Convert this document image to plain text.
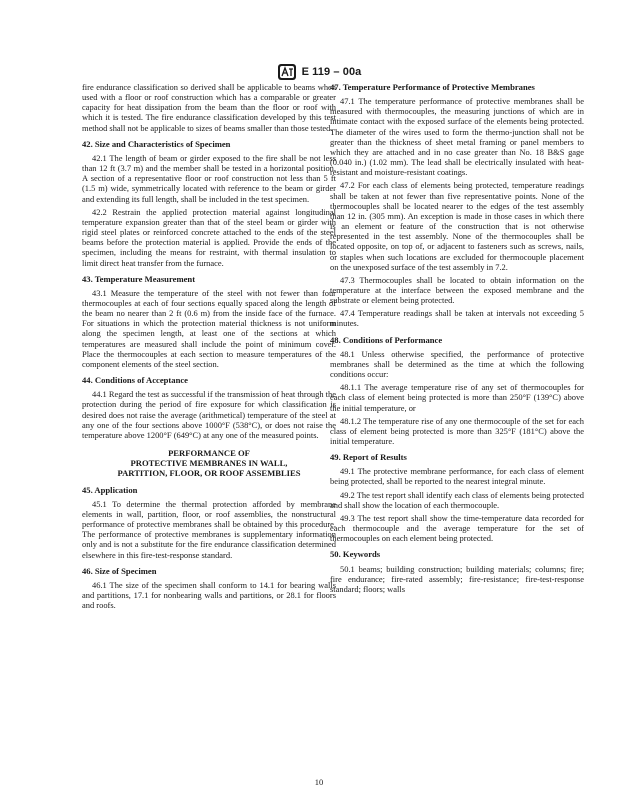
E 119 – 00a

fire endurance classification so derived shall be applicable to beams when used with a floor or roof construction which has a comparable or greater capacity for heat dissipation from the beam than the floor or roof with which it is tested. The fire endurance classification developed by this test method shall not be applicable to sizes of beams smaller than those tested.

42. Size and Characteristics of Specimen

42.1 The length of beam or girder exposed to the fire shall be not less than 12 ft (3.7 m) and the member shall be tested in a horizontal position. A section of a representative floor or roof construction not less than 5 ft (1.5 m) wide, symmetrically located with reference to the beam or girder and extending its full length, shall be included in the test specimen.

42.2 Restrain the applied protection material against longitudinal temperature expansion greater than that of the steel beam or girder with rigid steel plates or reinforced concrete attached to the ends of the steel beams before the protection material is applied. Provide the ends of the specimen, including the means for restraint, with thermal insulation to limit direct heat transfer from the furnace.

43. Temperature Measurement

43.1 Measure the temperature of the steel with not fewer than four thermocouples at each of four sections equally spaced along the length of the beam no nearer than 2 ft (0.6 m) from the inside face of the furnace. For situations in which the protection material thickness is not uniform along the specimen length, at least one of the sections at which temperatures are measured shall include the point of minimum cover. Place the thermocouples at each section to measure temperatures of the component elements of the steel section.

44. Conditions of Acceptance

44.1 Regard the test as successful if the transmission of heat through the protection during the period of fire exposure for which classification is desired does not raise the average (arithmetical) temperature of the steel at any one of the four sections above 1000°F (538°C), or does not raise the temperature above 1200°F (649°C) at any one of the measured points.

PERFORMANCE OF
PROTECTIVE MEMBRANES IN WALL,
PARTITION, FLOOR, OR ROOF ASSEMBLIES
45. Application

45.1 To determine the thermal protection afforded by membrane elements in wall, partition, floor, or roof assemblies, the nonstructural performance of protective membranes shall be obtained by this procedure. The performance of protective membranes is supplementary information only and is not a substitute for the fire endurance classification determined elsewhere in this fire-test-response standard.

46. Size of Specimen

46.1 The size of the specimen shall conform to 14.1 for bearing walls and partitions, 17.1 for nonbearing walls and partitions, or 28.1 for floors and roofs.

47. Temperature Performance of Protective Membranes

47.1 The temperature performance of protective membranes shall be measured with thermocouples, the measuring junctions of which are in intimate contact with the exposed surface of the elements being protected. The diameter of the wires used to form the thermo-junction shall not be greater than the thickness of sheet metal framing or panel members to which they are attached and in no case greater than No. 18 B&S gage (0.040 in.) (1.02 mm). The lead shall be electrically insulated with heat-resistant and moisture-resistant coatings.

47.2 For each class of elements being protected, temperature readings shall be taken at not fewer than five representative points. None of the thermocouples shall be located nearer to the edges of the test assembly than 12 in. (305 mm). An exception is made in those cases in which there is an element or feature of the construction that is not otherwise represented in the test assembly. None of the thermocouples shall be located opposite, on top of, or adjacent to fasteners such as screws, nails, or staples when such locations are excluded for thermocouple placement on the unexposed surface of the test assembly in 7.2.

47.3 Thermocouples shall be located to obtain information on the temperature at the interface between the exposed membrane and the substrate or element being protected.

47.4 Temperature readings shall be taken at intervals not exceeding 5 minutes.

48. Conditions of Performance

48.1 Unless otherwise specified, the performance of protective membranes shall be determined as the time at which the following conditions occur:

48.1.1 The average temperature rise of any set of thermocouples for each class of element being protected is more than 250°F (139°C) above the initial temperature, or

48.1.2 The temperature rise of any one thermocouple of the set for each class of element being protected is more than 325°F (181°C) above the initial temperature.

49. Report of Results

49.1 The protective membrane performance, for each class of element being protected, shall be reported to the nearest integral minute.

49.2 The test report shall identify each class of elements being protected and shall show the location of each thermocouple.

49.3 The test report shall show the time-temperature data recorded for each thermocouple and the average temperature for the set of thermocouples on each element being protected.

50. Keywords

50.1 beams; building construction; building materials; columns; fire; fire endurance; fire-rated assembly; fire-resistance; fire-test-response standard; floors; walls

10
